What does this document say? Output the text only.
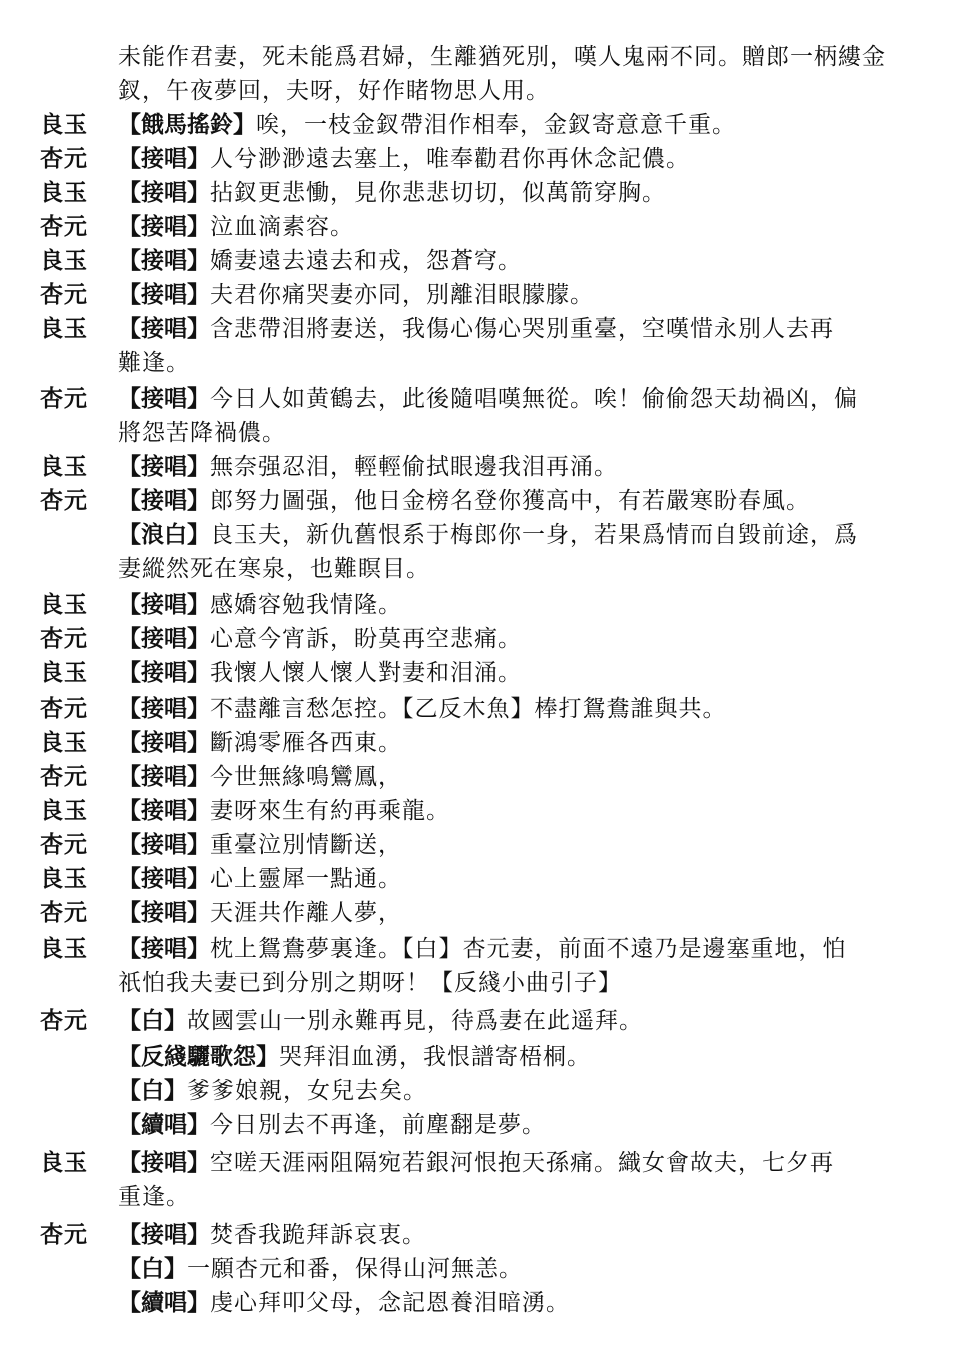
未能作君妻，死未能爲君婦，生離猶死別，嘆人鬼兩不同。贈郎一柄縷金
釵，午夜夢回，夫呀，好作睹物思人用。
良玉 【餓馬搖鈴】唉，一枝金釵帶泪作相奉，金釵寄意意千重。
杏元 【接唱】人兮渺渺遠去塞上，唯奉勸君你再休念記儂。
良玉 【接唱】拈釵更悲慟，見你悲悲切切，似萬箭穿胸。
杏元 【接唱】泣血滴素容。
良玉 【接唱】嬌妻遠去遠去和戎，怨蒼穹。
杏元 【接唱】夫君你痛哭妻亦同，別離泪眼朦朦。
良玉 【接唱】含悲帶泪將妻送，我傷心傷心哭別重臺，空嘆惜永別人去再
難逢。
杏元 【接唱】今日人如黄鶴去，此後隨唱嘆無從。唉！偷偷怨天劫禍凶，偏
將怨苦降禍儂。
良玉 【接唱】無奈强忍泪，輕輕偷拭眼邊我泪再涌。
杏元 【接唱】郎努力圖强，他日金榜名登你獲高中，有若嚴寒盼春風。
【浪白】良玉夫，新仇舊恨系于梅郎你一身，若果爲情而自毀前途，爲
妻縱然死在寒泉，也難瞑目。
良玉 【接唱】感嬌容勉我情隆。
杏元 【接唱】心意今宵訴，盼莫再空悲痛。
良玉 【接唱】我懷人懷人懷人對妻和泪涌。
杏元 【接唱】不盡離言愁怎控。【乙反木魚】棒打鴛鴦誰與共。
良玉 【接唱】斷鴻零雁各西東。
杏元 【接唱】今世無緣鳴鸞鳳，
良玉 【接唱】妻呀來生有約再乘龍。
杏元 【接唱】重臺泣別情斷送，
良玉 【接唱】心上靈犀一點通。
杏元 【接唱】天涯共作離人夢，
良玉 【接唱】枕上鴛鴦夢裏逢。【白】杏元妻，前面不遠乃是邊塞重地，怕
祇怕我夫妻已到分別之期呀！【反綫小曲引子】
杏元 【白】故國雲山一別永難再見，待爲妻在此遥拜。
【反綫驪歌怨】哭拜泪血湧，我恨譜寄梧桐。
【白】爹爹娘親，女兒去矣。
【續唱】今日別去不再逢，前塵翻是夢。
良玉 【接唱】空嗟天涯兩阻隔宛若銀河恨抱天孫痛。織女會故夫，七夕再
重逢。
杏元 【接唱】焚香我跪拜訴哀衷。
【白】一願杏元和番，保得山河無恙。
【續唱】虔心拜叩父母，念記恩養泪暗湧。
